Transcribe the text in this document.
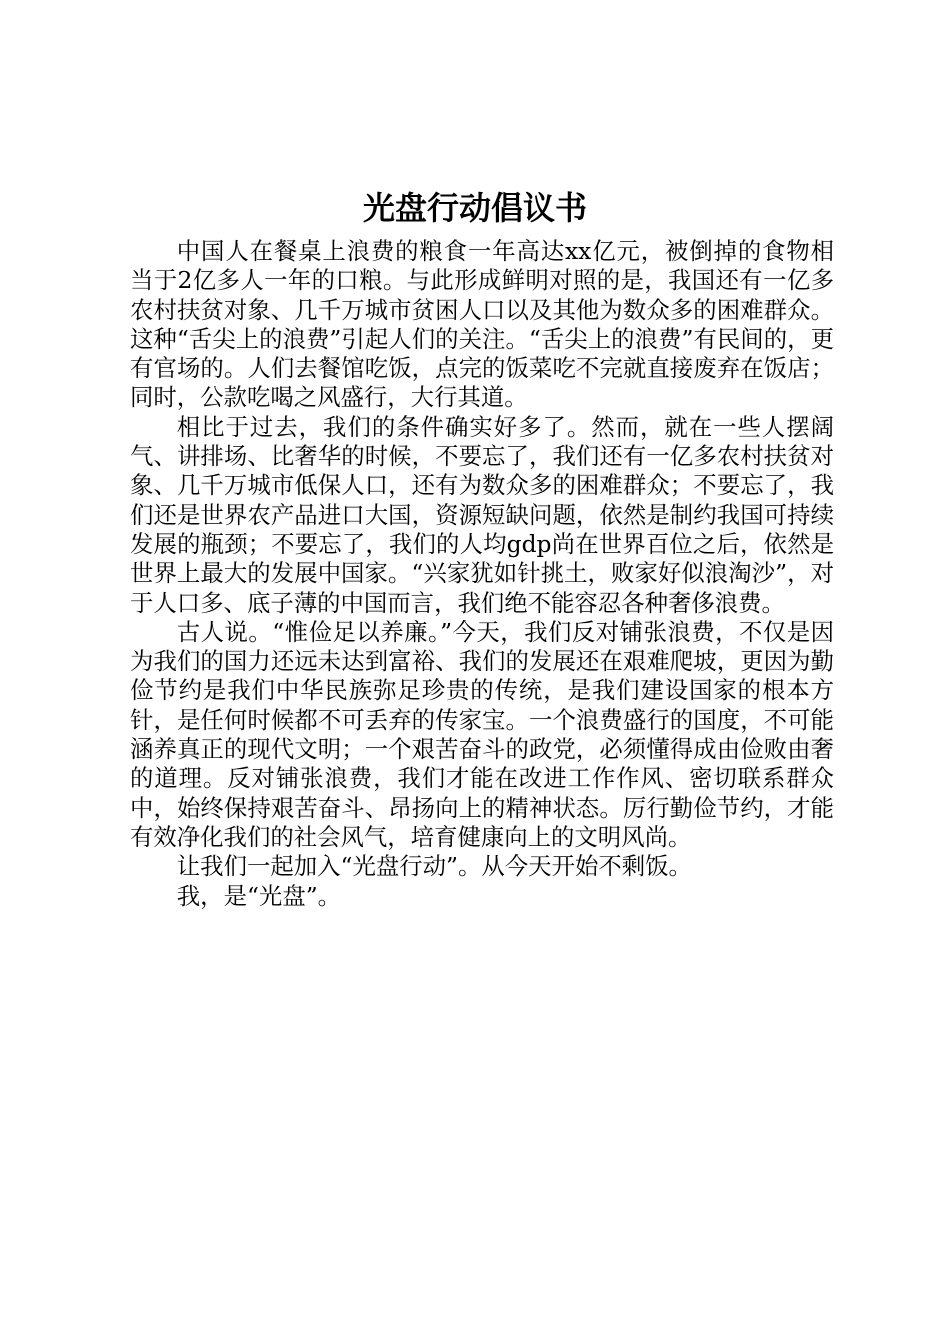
光盘行动倡议书

中国人在餐桌上浪费的粮食一年高达xx亿元，被倒掉的食物相当于2亿多人一年的口粮。与此形成鲜明对照的是，我国还有一亿多农村扶贫对象、几千万城市贫困人口以及其他为数众多的困难群众。这种“舌尖上的浪费”引起人们的关注。“舌尖上的浪费”有民间的，更有官场的。人们去餐馆吃饭，点完的饭菜吃不完就直接废弃在饭店；同时，公款吃喝之风盛行，大行其道。

相比于过去，我们的条件确实好多了。然而，就在一些人摆阔气、讲排场、比奢华的时候，不要忘了，我们还有一亿多农村扶贫对象、几千万城市低保人口，还有为数众多的困难群众；不要忘了，我们还是世界农产品进口大国，资源短缺问题，依然是制约我国可持续发展的瓶颈；不要忘了，我们的人均gdp尚在世界百位之后，依然是世界上最大的发展中国家。“兴家犹如针挑土，败家好似浪淘沙”，对于人口多、底子薄的中国而言，我们绝不能容忍各种奢侈浪费。

古人说。“惟俭足以养廉。”今天，我们反对铺张浪费，不仅是因为我们的国力还远未达到富裕、我们的发展还在艰难爬坡，更因为勤俭节约是我们中华民族弥足珍贵的传统，是我们建设国家的根本方针，是任何时候都不可丢弃的传家宝。一个浪费盛行的国度，不可能涵养真正的现代文明；一个艰苦奋斗的政党，必须懂得成由俭败由奢的道理。反对铺张浪费，我们才能在改进工作作风、密切联系群众中，始终保持艰苦奋斗、昂扬向上的精神状态。厉行勤俭节约，才能有效净化我们的社会风气，培育健康向上的文明风尚。

让我们一起加入“光盘行动”。从今天开始不剩饭。

我，是“光盘”。
